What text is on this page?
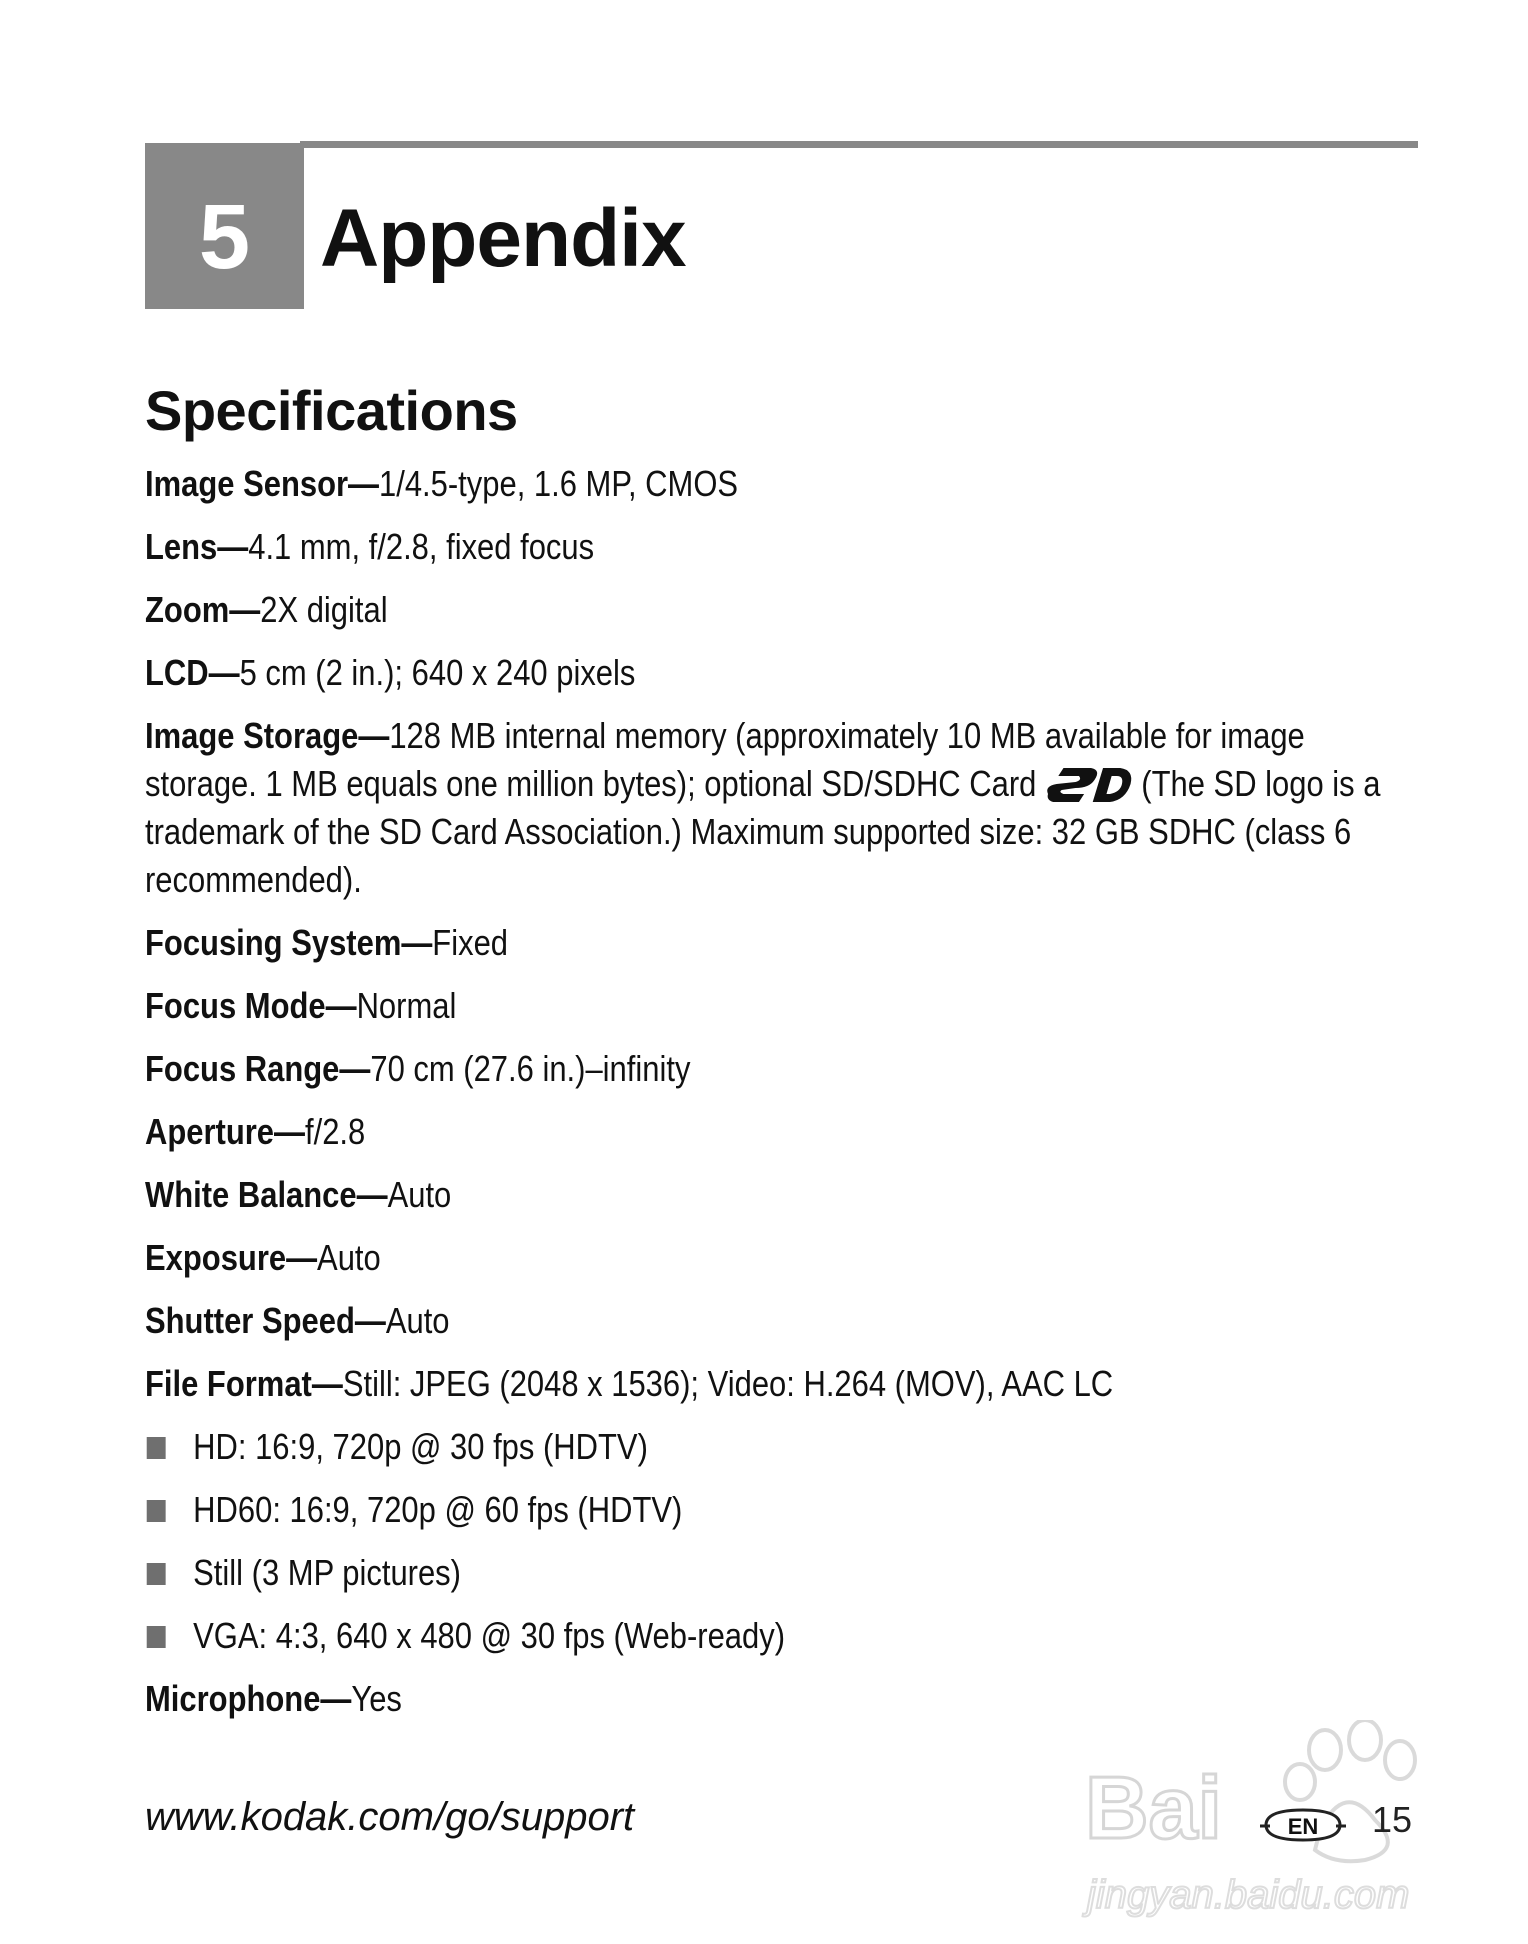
5 Appendix
Specifications
Image Sensor—1/4.5-type, 1.6 MP, CMOS
Lens—4.1 mm, f/2.8, fixed focus
Zoom—2X digital
LCD—5 cm (2 in.); 640 x 240 pixels
Image Storage—128 MB internal memory (approximately 10 MB available for image storage. 1 MB equals one million bytes); optional SD/SDHC Card	(The SD logo is a trademark of the SD Card Association.) Maximum supported size: 32 GB SDHC (class 6 recommended).
Focusing System—Fixed
Focus Mode—Normal
Focus Range—70 cm (27.6 in.)–infinity
Aperture—f/2.8
White Balance—Auto
Exposure—Auto
Shutter Speed—Auto
File Format—Still: JPEG (2048 x 1536); Video: H.264 (MOV), AAC LC
HD: 16:9, 720p @ 30 fps (HDTV)
HD60: 16:9, 720p @ 60 fps (HDTV)
Still (3 MP pictures)
VGA: 4:3, 640 x 480 @ 30 fps (Web-ready)
Microphone—Yes
www.kodak.com/go/support	Bai
jingyan.baidu.com
EN 15
